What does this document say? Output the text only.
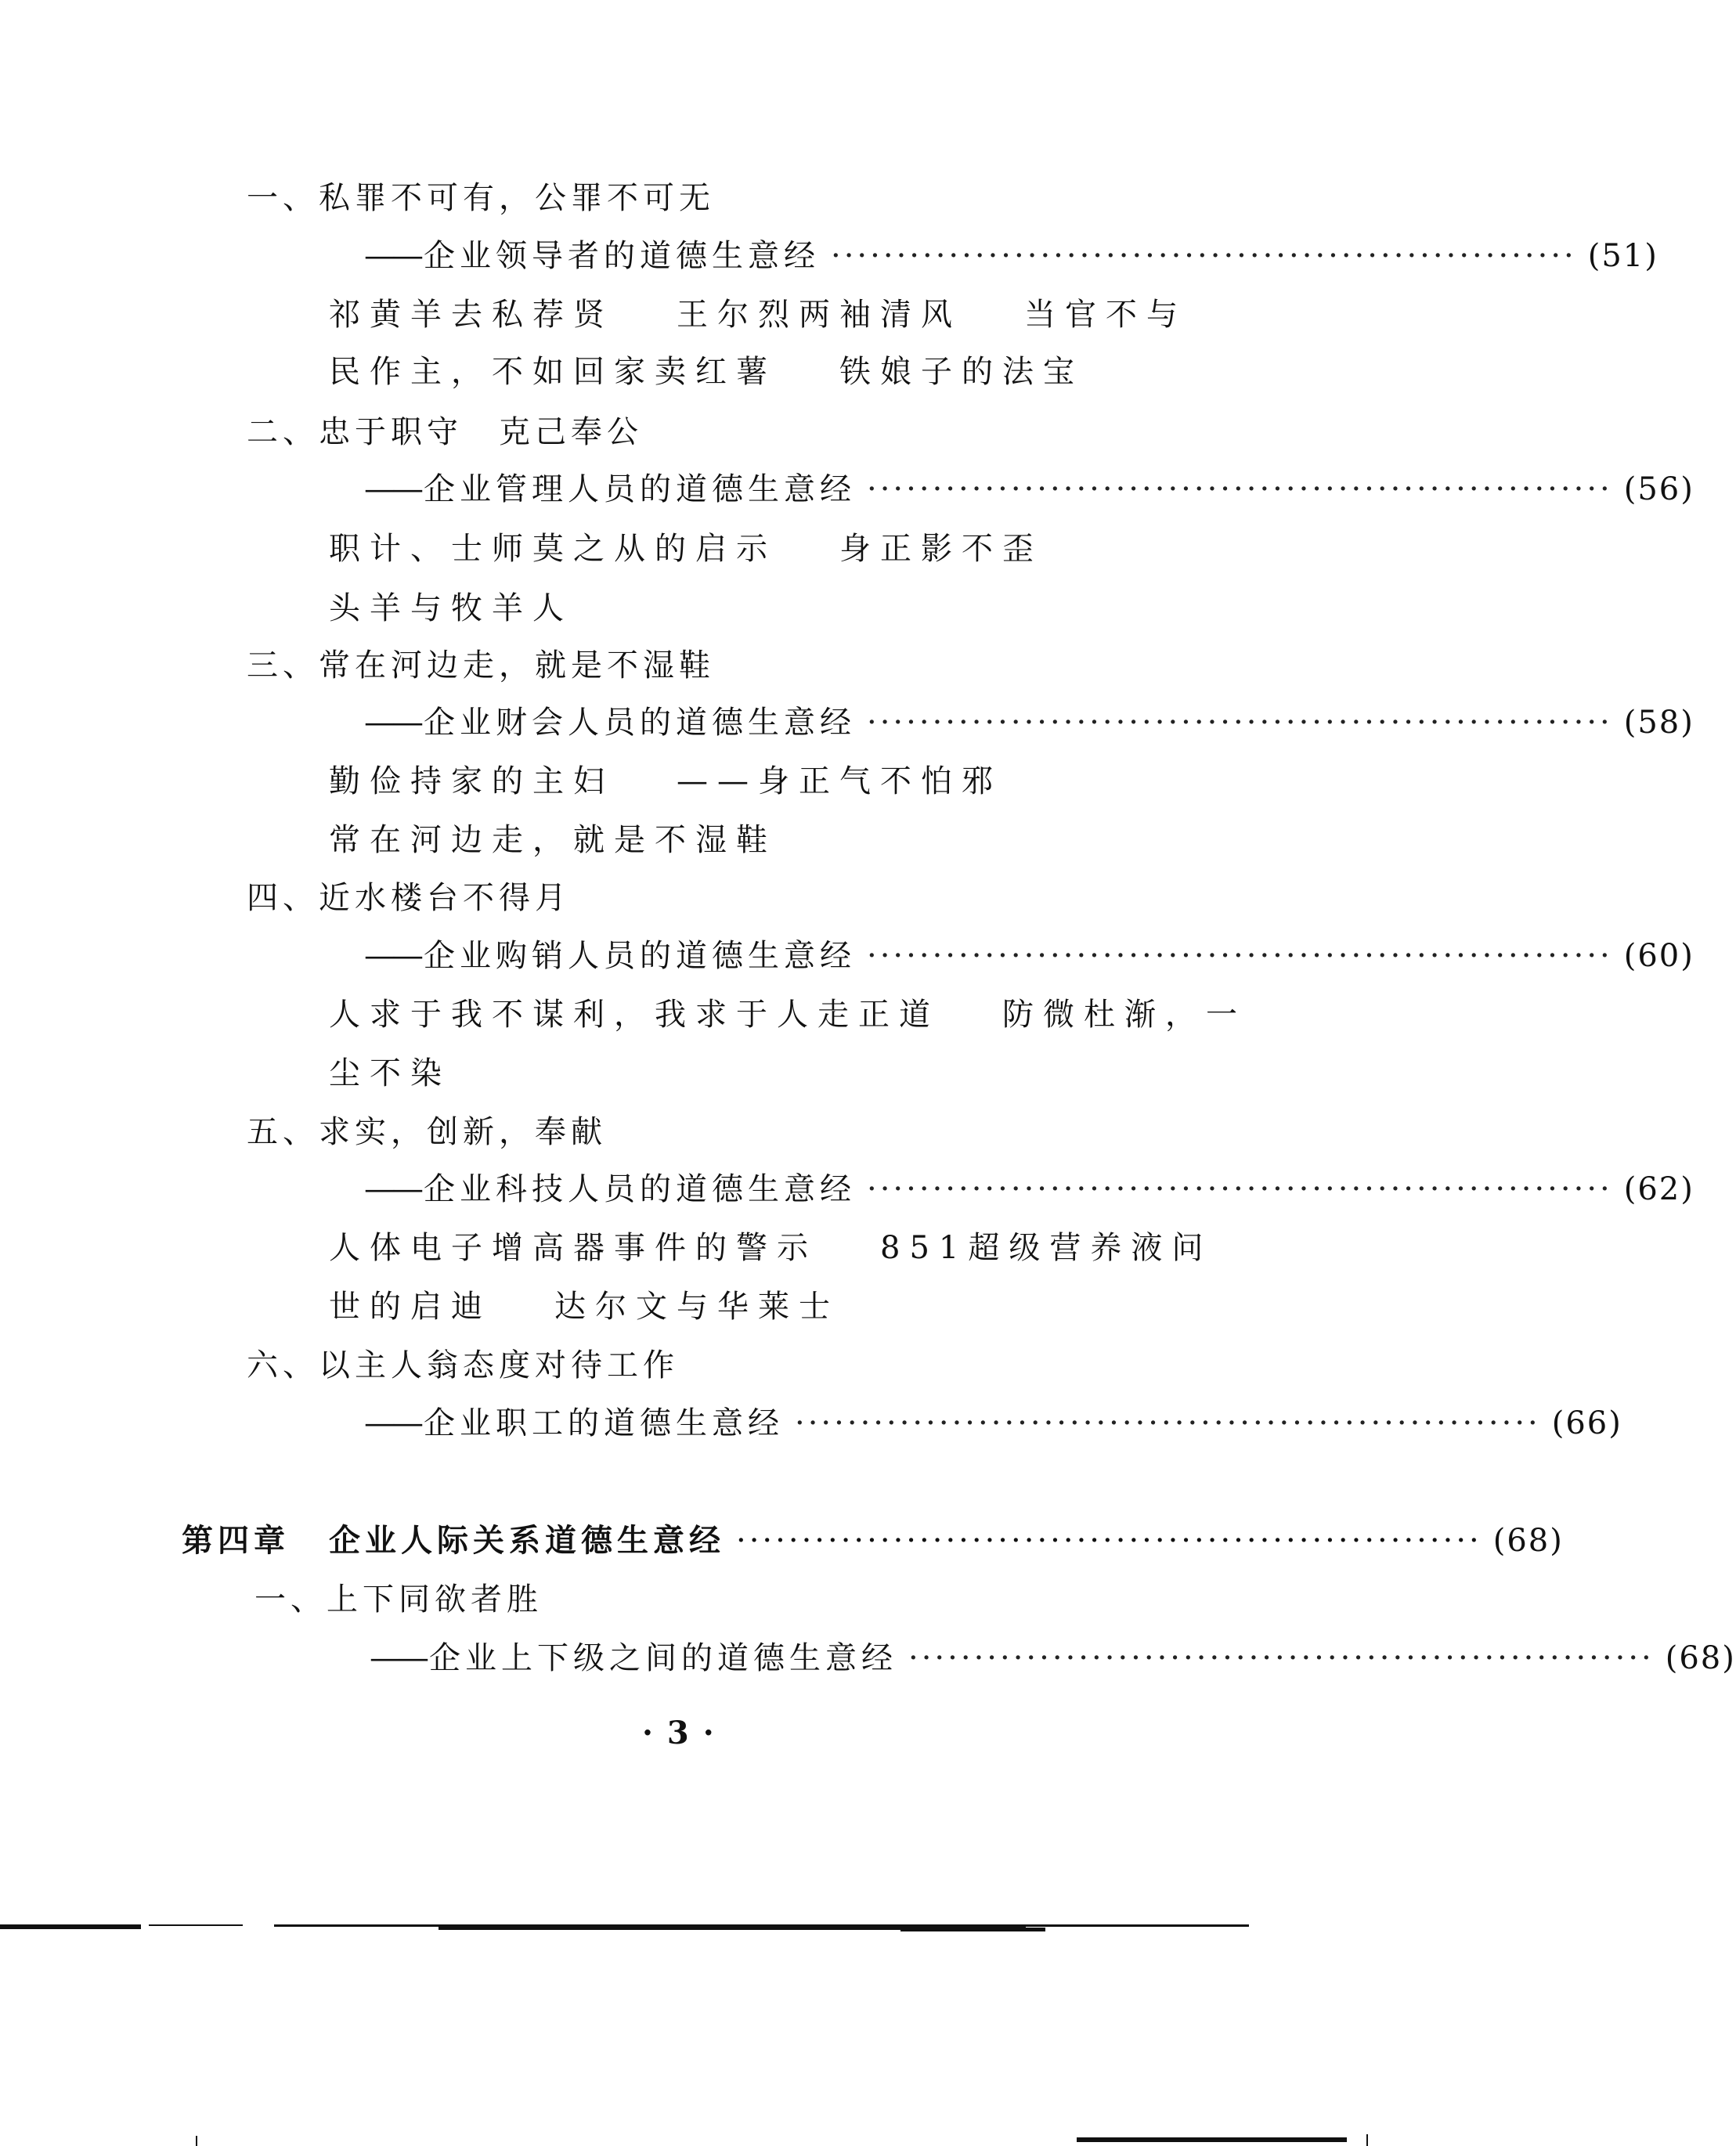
一、私罪不可有，公罪不可无
—— 企业领导者的道德生意经 ························································· (51)
祁黄羊去私荐贤 王尔烈两袖清风 当官不与
民作主，不如回家卖红薯 铁娘子的法宝
二、忠于职守　克己奉公
—— 企业管理人员的道德生意经 ························································· (56)
职计、士师莫之从的启示 身正影不歪
头羊与牧羊人
三、常在河边走，就是不湿鞋
—— 企业财会人员的道德生意经 ························································· (58)
勤俭持家的主妇 ——身正气不怕邪
常在河边走，就是不湿鞋
四、近水楼台不得月
—— 企业购销人员的道德生意经 ························································· (60)
人求于我不谋利，我求于人走正道 防微杜渐，一
尘不染
五、求实，创新，奉献
—— 企业科技人员的道德生意经 ························································· (62)
人体电子增高器事件的警示 851超级营养液问
世的启迪 达尔文与华莱士
六、以主人翁态度对待工作
—— 企业职工的道德生意经 ························································· (66)
第四章 企业人际关系道德生意经 ························································· (68)
一、上下同欲者胜
—— 企业上下级之间的道德生意经 ························································· (68)
·3·
